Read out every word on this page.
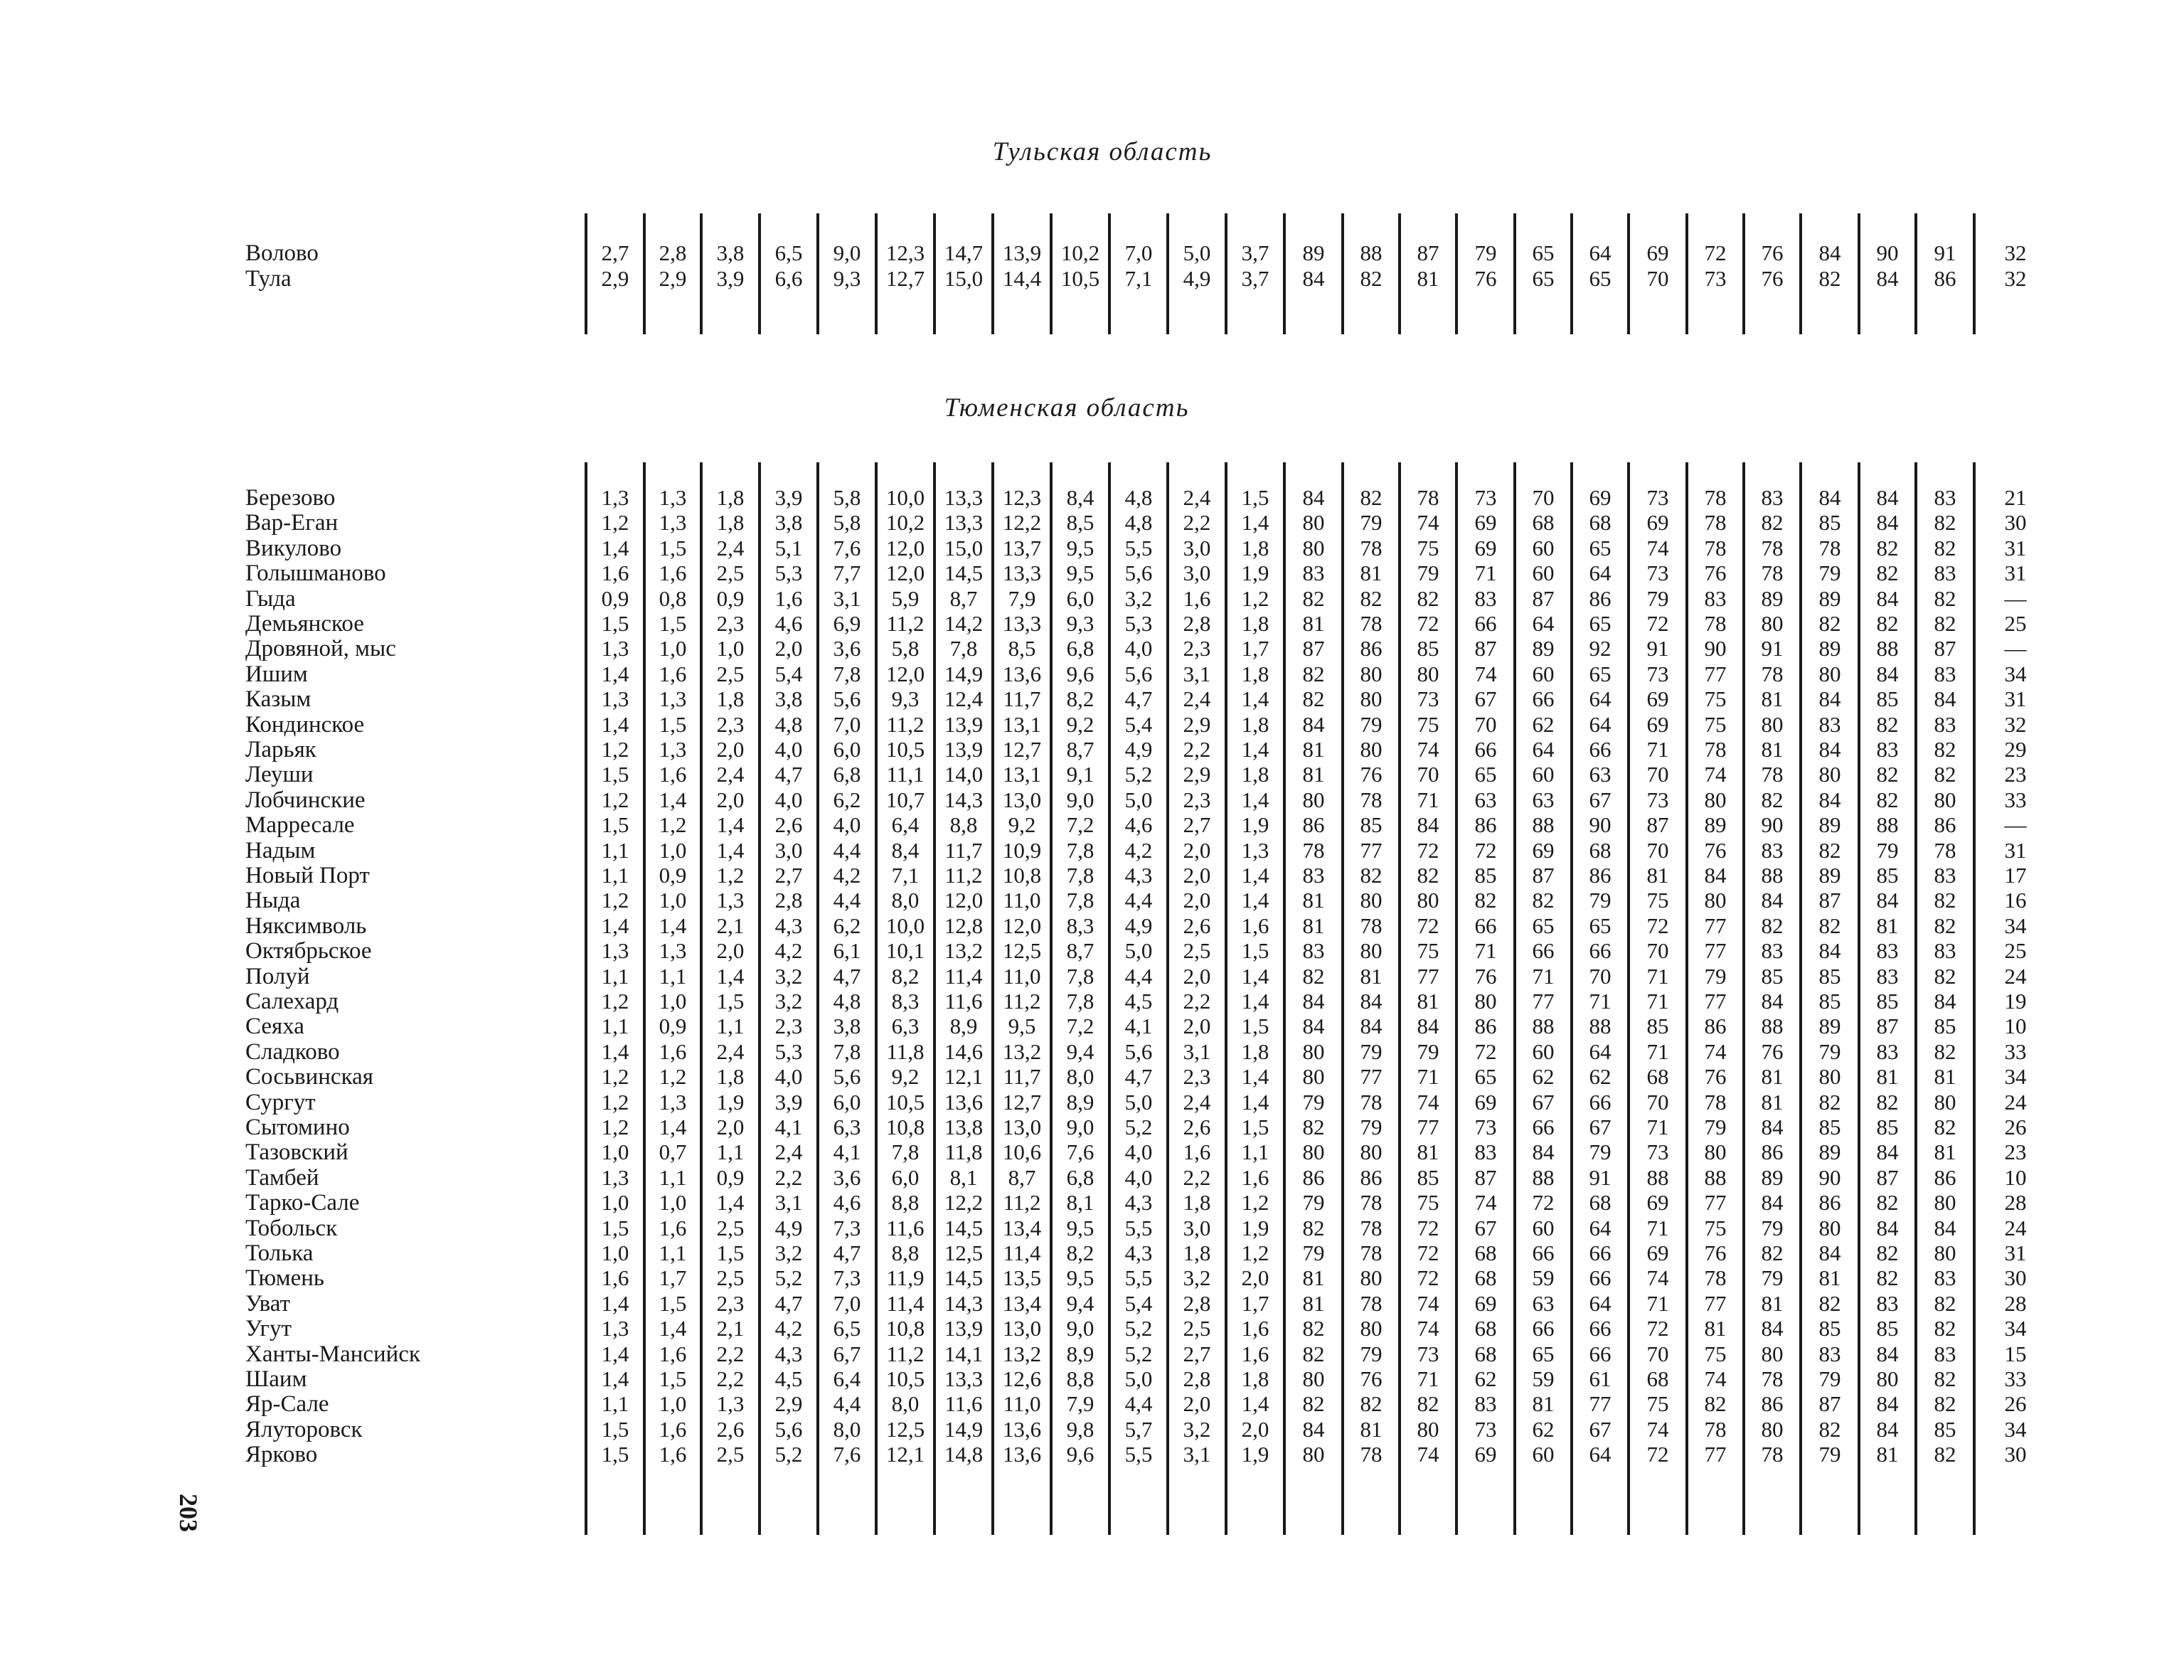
Тульская область
Тюменская область
Волово	2,7	2,8	3,8	6,5	9,0	12,3 14,7 13,9 10,2	7,0	5,0	3,7	89	88	87	79	65	64	69	72	76	84	90	91	32
Тула	2,9	2,9	3,9	6,6	9,3	12,7 15,0 14,4 10,5	7,1	4,9	3,7	84	82	81	76	65	65	70	73	76	82	84	86	32
Березово	1,3	1,3	1,8	3,9	5,8	10,0 13,3 12,3	8,4	4,8	2,4	1,5	84	82	78	73	70	69	73	78	83	84	84	83	21
Вар-Еган	1,2	1,3	1,8	3,8	5,8	10,2 13,3 12,2	8,5	4,8	2,2	1,4	80	79	74	69	68	68	69	78	82	85	84	82	30
Викулово	1,4	1,5	2,4	5,1	7,6	12,0 15,0 13,7	9,5	5,5	3,0	1,8	80	78	75	69	60	65	74	78	78	78	82	82	31
Голышманово	1,6	1,6	2,5	5,3	7,7	12,0 14,5 13,3	9,5	5,6	3,0	1,9	83	81	79	71	60	64	73	76	78	79	82	83	31
Гыда	0,9	0,8	0,9	1,6	3,1	5,9	8,7	7,9	6,0	3,2	1,6	1,2	82	82	82	83	87	86	79	83	89	89	84	82	—
Демьянское	1,5	1,5	2,3	4,6	6,9	11,2 14,2 13,3	9,3	5,3	2,8	1,8	81	78	72	66	64	65	72	78	80	82	82	82	25
Дровяной, мыс	1,3	1,0	1,0	2,0	3,6	5,8	7,8	8,5	6,8	4,0	2,3	1,7	87	86	85	87	89	92	91	90	91	89	88	87	—
Ишим	1,4	1,6	2,5	5,4	7,8	12,0 14,9 13,6	9,6	5,6	3,1	1,8	82	80	80	74	60	65	73	77	78	80	84	83	34
Казым	1,3	1,3	1,8	3,8	5,6	9,3	12,4 11,7	8,2	4,7	2,4	1,4	82	80	73	67	66	64	69	75	81	84	85	84	31
Кондинское	1,4	1,5	2,3	4,8	7,0	11,2 13,9 13,1	9,2	5,4	2,9	1,8	84	79	75	70	62	64	69	75	80	83	82	83	32
Ларьяк	1,2	1,3	2,0	4,0	6,0	10,5 13,9 12,7	8,7	4,9	2,2	1,4	81	80	74	66	64	66	71	78	81	84	83	82	29
Леуши	1,5	1,6	2,4	4,7	6,8	11,1 14,0 13,1	9,1	5,2	2,9	1,8	81	76	70	65	60	63	70	74	78	80	82	82	23
Лобчинские	1,2	1,4	2,0	4,0	6,2	10,7 14,3 13,0	9,0	5,0	2,3	1,4	80	78	71	63	63	67	73	80	82	84	82	80	33
Марресале	1,5	1,2	1,4	2,6	4,0	6,4	8,8	9,2	7,2	4,6	2,7	1,9	86	85	84	86	88	90	87	89	90	89	88	86	—
Надым	1,1	1,0	1,4	3,0	4,4	8,4	11,7 10,9	7,8	4,2	2,0	1,3	78	77	72	72	69	68	70	76	83	82	79	78	31
Новый Порт	1,1	0,9	1,2	2,7	4,2	7,1	11,2 10,8	7,8	4,3	2,0	1,4	83	82	82	85	87	86	81	84	88	89	85	83	17
Ныда	1,2	1,0	1,3	2,8	4,4	8,0	12,0 11,0	7,8	4,4	2,0	1,4	81	80	80	82	82	79	75	80	84	87	84	82	16
Няксимволь	1,4	1,4	2,1	4,3	6,2	10,0 12,8 12,0	8,3	4,9	2,6	1,6	81	78	72	66	65	65	72	77	82	82	81	82	34
Октябрьское	1,3	1,3	2,0	4,2	6,1	10,1 13,2 12,5	8,7	5,0	2,5	1,5	83	80	75	71	66	66	70	77	83	84	83	83	25
Полуй	1,1	1,1	1,4	3,2	4,7	8,2	11,4 11,0	7,8	4,4	2,0	1,4	82	81	77	76	71	70	71	79	85	85	83	82	24
Салехард	1,2	1,0	1,5	3,2	4,8	8,3	11,6 11,2	7,8	4,5	2,2	1,4	84	84	81	80	77	71	71	77	84	85	85	84	19
Сеяха	1,1	0,9	1,1	2,3	3,8	6,3	8,9	9,5	7,2	4,1	2,0	1,5	84	84	84	86	88	88	85	86	88	89	87	85	10
Сладково	1,4	1,6	2,4	5,3	7,8	11,8 14,6 13,2	9,4	5,6	3,1	1,8	80	79	79	72	60	64	71	74	76	79	83	82	33
Сосьвинская	1,2	1,2	1,8	4,0	5,6	9,2	12,1 11,7	8,0	4,7	2,3	1,4	80	77	71	65	62	62	68	76	81	80	81	81	34
Сургут	1,2	1,3	1,9	3,9	6,0	10,5 13,6 12,7	8,9	5,0	2,4	1,4	79	78	74	69	67	66	70	78	81	82	82	80	24
Сытомино	1,2	1,4	2,0	4,1	6,3	10,8 13,8 13,0	9,0	5,2	2,6	1,5	82	79	77	73	66	67	71	79	84	85	85	82	26
Тазовский	1,0	0,7	1,1	2,4	4,1	7,8	11,8 10,6	7,6	4,0	1,6	1,1	80	80	81	83	84	79	73	80	86	89	84	81	23
Тамбей	1,3	1,1	0,9	2,2	3,6	6,0	8,1	8,7	6,8	4,0	2,2	1,6	86	86	85	87	88	91	88	88	89	90	87	86	10
Тарко-Сале	1,0	1,0	1,4	3,1	4,6	8,8	12,2 11,2	8,1	4,3	1,8	1,2	79	78	75	74	72	68	69	77	84	86	82	80	28
Тобольск	1,5	1,6	2,5	4,9	7,3	11,6 14,5 13,4	9,5	5,5	3,0	1,9	82	78	72	67	60	64	71	75	79	80	84	84	24
Толька	1,0	1,1	1,5	3,2	4,7	8,8	12,5 11,4	8,2	4,3	1,8	1,2	79	78	72	68	66	66	69	76	82	84	82	80	31
Тюмень	1,6	1,7	2,5	5,2	7,3	11,9 14,5 13,5	9,5	5,5	3,2	2,0	81	80	72	68	59	66	74	78	79	81	82	83	30
Уват	1,4	1,5	2,3	4,7	7,0	11,4 14,3 13,4	9,4	5,4	2,8	1,7	81	78	74	69	63	64	71	77	81	82	83	82	28
Угут	1,3	1,4	2,1	4,2	6,5	10,8 13,9 13,0	9,0	5,2	2,5	1,6	82	80	74	68	66	66	72	81	84	85	85	82	34
Ханты-Мансийск	1,4	1,6	2,2	4,3	6,7	11,2 14,1 13,2	8,9	5,2	2,7	1,6	82	79	73	68	65	66	70	75	80	83	84	83	15
Шаим	1,4	1,5	2,2	4,5	6,4	10,5 13,3 12,6	8,8	5,0	2,8	1,8	80	76	71	62	59	61	68	74	78	79	80	82	33
Яр-Сале	1,1	1,0	1,3	2,9	4,4	8,0	11,6 11,0	7,9	4,4	2,0	1,4	82	82	82	83	81	77	75	82	86	87	84	82	26
Ялуторовск	1,5	1,6	2,6	5,6	8,0	12,5 14,9 13,6	9,8	5,7	3,2	2,0	84	81	80	73	62	67	74	78	80	82	84	85	34
Ярково	1,5	1,6	2,5	5,2	7,6	12,1 14,8 13,6	9,6	5,5	3,1	1,9	80	78	74	69	60	64	72	77	78	79	81	82	30
203
